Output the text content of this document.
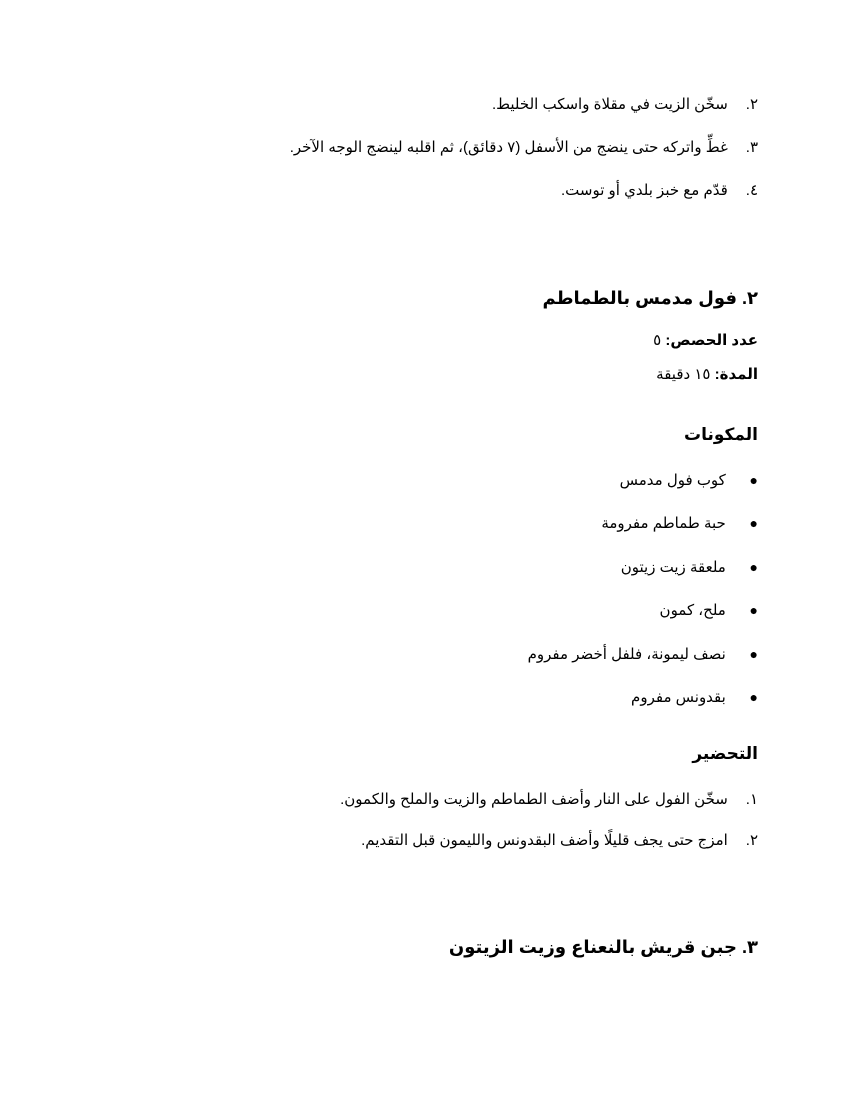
٢. سخّن الزيت في مقلاة واسكب الخليط.
٣. غطِّ واتركه حتى ينضج من الأسفل (٧ دقائق)، ثم اقلبه لينضج الوجه الآخر.
٤. قدّم مع خبز بلدي أو توست.
٢. فول مدمس بالطماطم
عدد الحصص: ٥
المدة: ١٥ دقيقة
المكونات
● كوب فول مدمس
● حبة طماطم مفرومة
● ملعقة زيت زيتون
● ملح، كمون
● نصف ليمونة، فلفل أخضر مفروم
● بقدونس مفروم
التحضير
١. سخّن الفول على النار وأضف الطماطم والزيت والملح والكمون.
٢. امزج حتى يجف قليلًا وأضف البقدونس والليمون قبل التقديم.
٣. جبن قريش بالنعناع وزيت الزيتون
